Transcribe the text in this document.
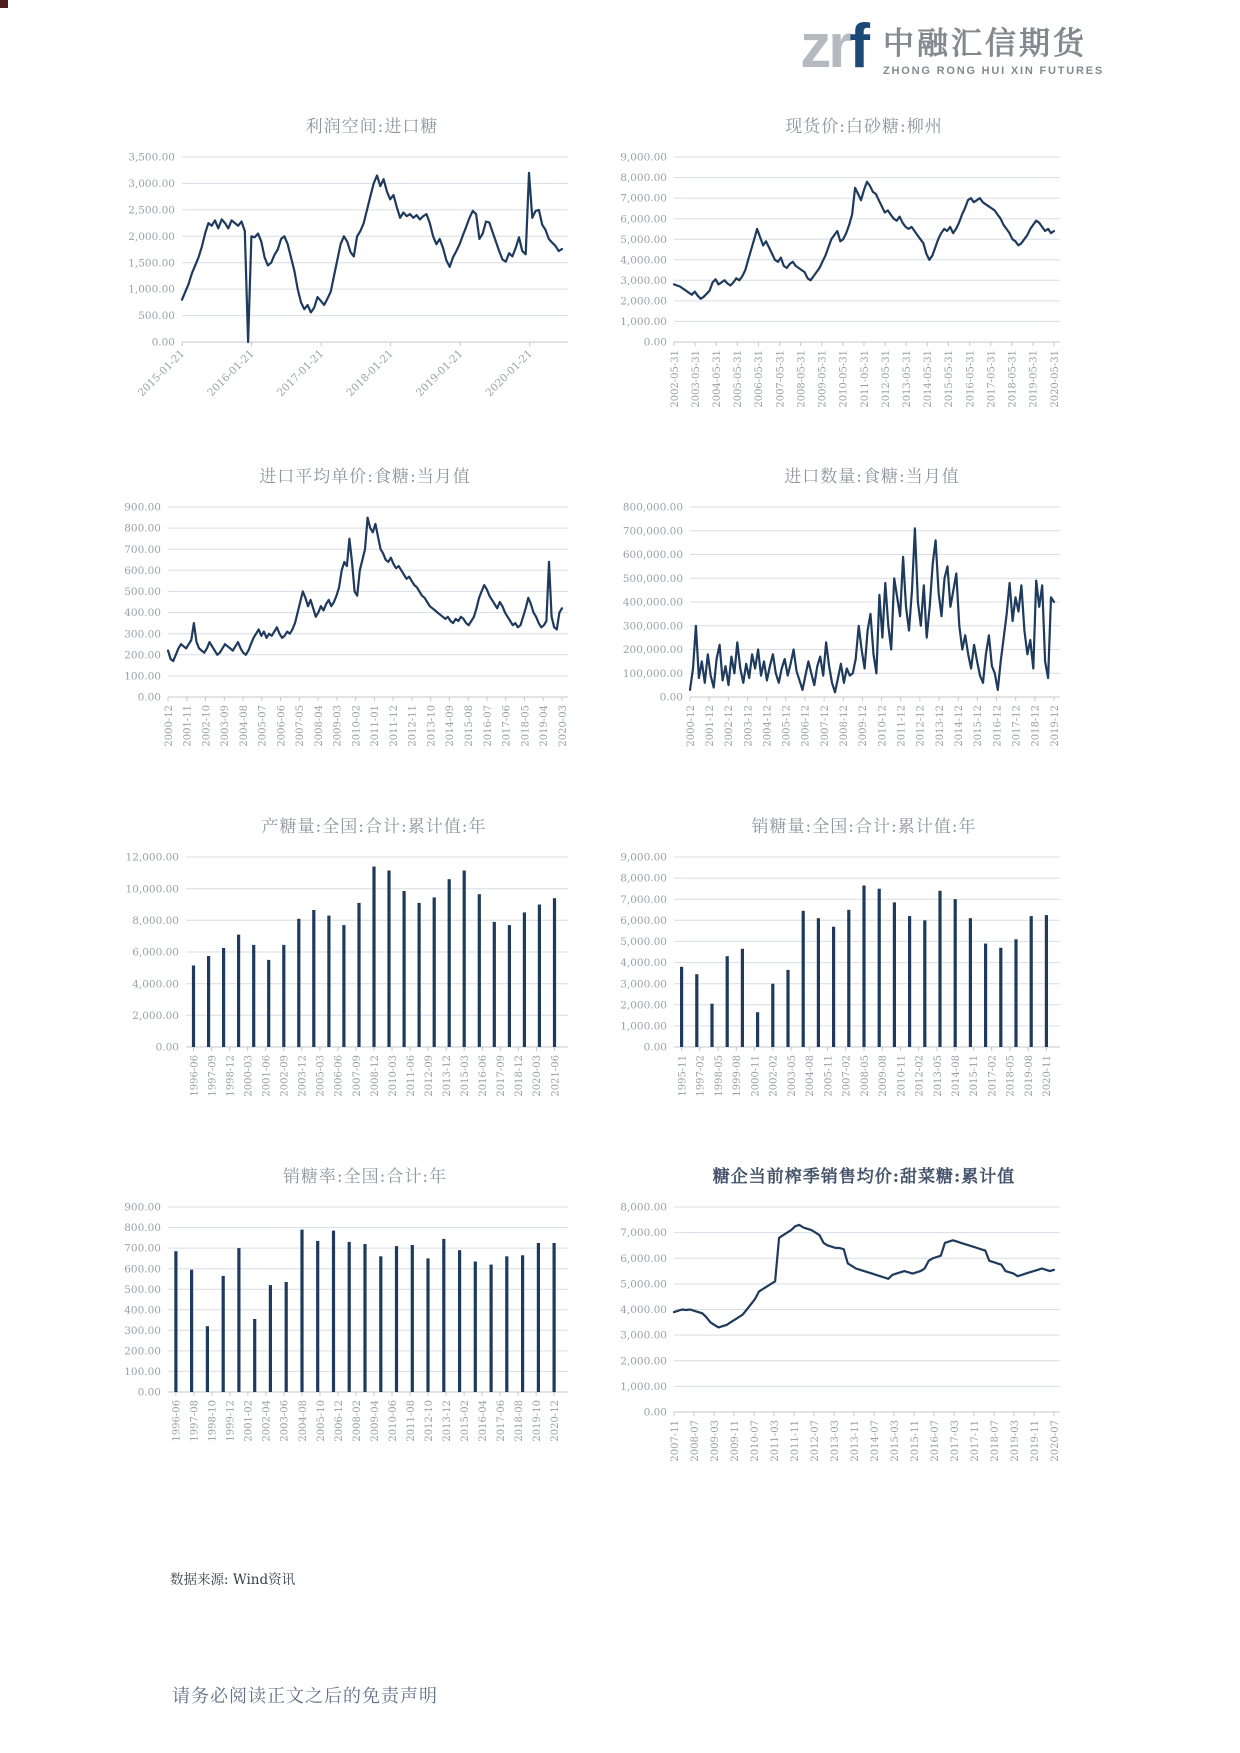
zrf 中融汇信期货
ZHONG RONG HUI XIN FUTURES
利润空间:进口糖
0.00
500.00
1,000.00
1,500.00
2,000.00
2,500.00
3,000.00
3,500.00
2015-01-21 2016-01-21 2017-01-21 2018-01-21 2019-01-21 2020-01-21
现货价:白砂糖:柳州
0.00
1,000.00
2,000.00
3,000.00
4,000.00
5,000.00
6,000.00
7,000.00
8,000.00
9,000.00
2002-05-31 2003-05-31 2004-05-31 2005-05-31 2006-05-31 2007-05-31 2008-05-31 2009-05-31 2010-05-31 2011-05-31 2012-05-31 2013-05-31 2014-05-31 2015-05-31 2016-05-31 2017-05-31 2018-05-31 2019-05-31 2020-05-31
进口平均单价:食糖:当月值
0.00
100.00
200.00
300.00
400.00
500.00
600.00
700.00
800.00
900.00
2000-12 2001-11 2002-10 2003-09 2004-08 2005-07 2006-06 2007-05 2008-04 2009-03 2010-02 2011-01 2011-12 2012-11 2013-10 2014-09 2015-08 2016-07 2017-06 2018-05 2019-04 2020-03
进口数量:食糖:当月值
0.00
100,000.00
200,000.00
300,000.00
400,000.00
500,000.00
600,000.00
700,000.00
800,000.00
2000-12 2001-12 2002-12 2003-12 2004-12 2005-12 2006-12 2007-12 2008-12 2009-12 2010-12 2011-12 2012-12 2013-12 2014-12 2015-12 2016-12 2017-12 2018-12 2019-12
产糖量:全国:合计:累计值:年
0.00
2,000.00
4,000.00
6,000.00
8,000.00
10,000.00
12,000.00
1996-06 1997-09 1998-12 2000-03 2001-06 2002-09 2003-12 2005-03 2006-06 2007-09 2008-12 2010-03 2011-06 2012-09 2013-12 2015-03 2016-06 2017-09 2018-12 2020-03 2021-06
销糖量:全国:合计:累计值:年
0.00
1,000.00
2,000.00
3,000.00
4,000.00
5,000.00
6,000.00
7,000.00
8,000.00
9,000.00
1995-11 1997-02 1998-05 1999-08 2000-11 2002-02 2003-05 2004-08 2005-11 2007-02 2008-05 2009-08 2010-11 2012-02 2013-05 2014-08 2015-11 2017-02 2018-05 2019-08 2020-11
销糖率:全国:合计:年
0.00
100.00
200.00
300.00
400.00
500.00
600.00
700.00
800.00
900.00
1996-06 1997-08 1998-10 1999-12 2001-02 2002-04 2003-06 2004-08 2005-10 2006-12 2008-02 2009-04 2010-06 2011-08 2012-10 2013-12 2015-02 2016-04 2017-06 2018-08 2019-10 2020-12
糖企当前榨季销售均价:甜菜糖:累计值
0.00
1,000.00
2,000.00
3,000.00
4,000.00
5,000.00
6,000.00
7,000.00
8,000.00
2007-11 2008-07 2009-03 2009-11 2010-07 2011-03 2011-11 2012-07 2013-03 2013-11 2014-07 2015-03 2015-11 2016-07 2017-03 2017-11 2018-07 2019-03 2019-11 2020-07
数据来源: Wind资讯
请务必阅读正文之后的免责声明
